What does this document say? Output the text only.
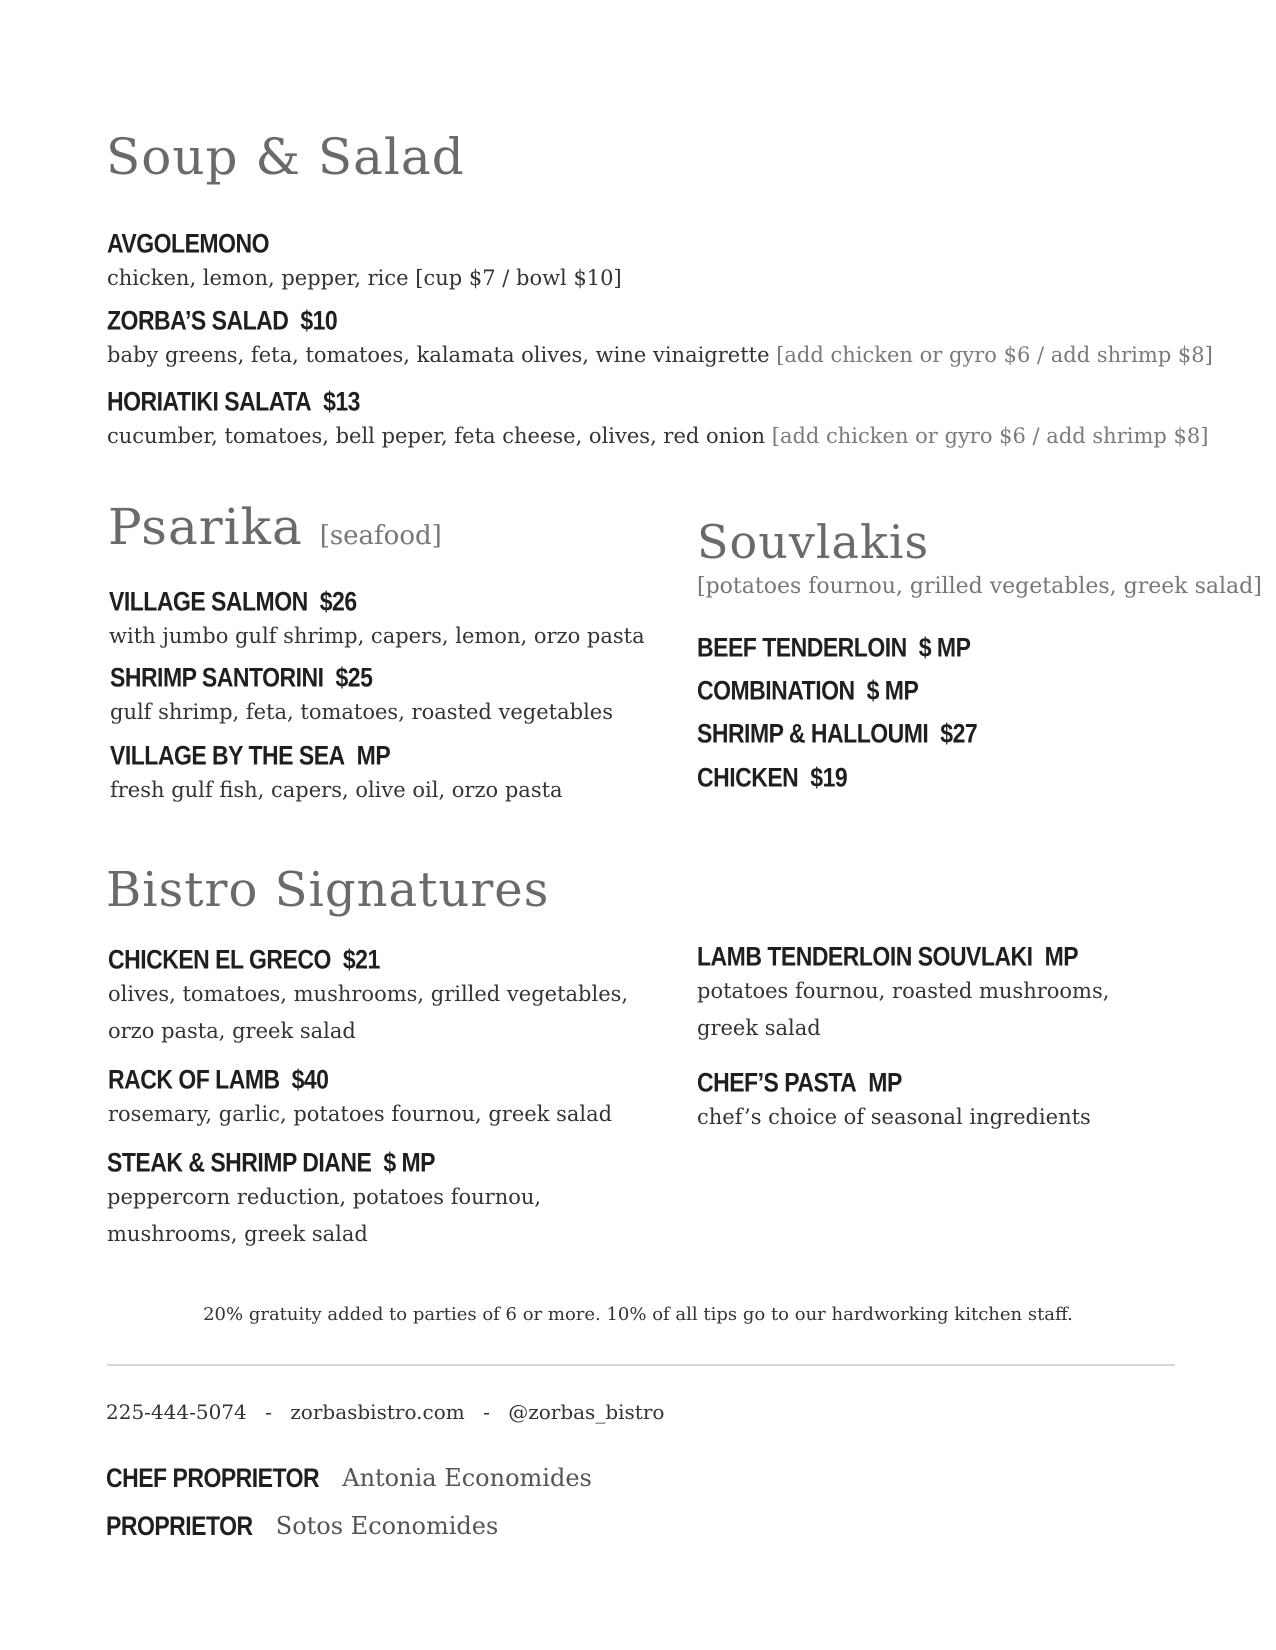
Soup & Salad
AVGOLEMONO
chicken, lemon, pepper, rice [cup $7 / bowl $10]
ZORBA’S SALAD $10
baby greens, feta, tomatoes, kalamata olives, wine vinaigrette [add chicken or gyro $6 / add shrimp $8]
HORIATIKI SALATA $13
cucumber, tomatoes, bell peper, feta cheese, olives, red onion [add chicken or gyro $6 / add shrimp $8]
Psarika [seafood]
VILLAGE SALMON $26
with jumbo gulf shrimp, capers, lemon, orzo pasta
SHRIMP SANTORINI $25
gulf shrimp, feta, tomatoes, roasted vegetables
VILLAGE BY THE SEA MP
fresh gulf fish, capers, olive oil, orzo pasta
Souvlakis
[potatoes fournou, grilled vegetables, greek salad]
BEEF TENDERLOIN $ MP
COMBINATION $ MP
SHRIMP & HALLOUMI $27
CHICKEN $19
Bistro Signatures
CHICKEN EL GRECO $21
olives, tomatoes, mushrooms, grilled vegetables,
orzo pasta, greek salad
RACK OF LAMB $40
rosemary, garlic, potatoes fournou, greek salad
STEAK & SHRIMP DIANE $ MP
peppercorn reduction, potatoes fournou,
mushrooms, greek salad
LAMB TENDERLOIN SOUVLAKI MP
potatoes fournou, roasted mushrooms,
greek salad
CHEF’S PASTA MP
chef’s choice of seasonal ingredients
20% gratuity added to parties of 6 or more. 10% of all tips go to our hardworking kitchen staff.
225-444-5074 - zorbasbistro.com - @zorbas_bistro
CHEF PROPRIETOR Antonia Economides
PROPRIETOR Sotos Economides
